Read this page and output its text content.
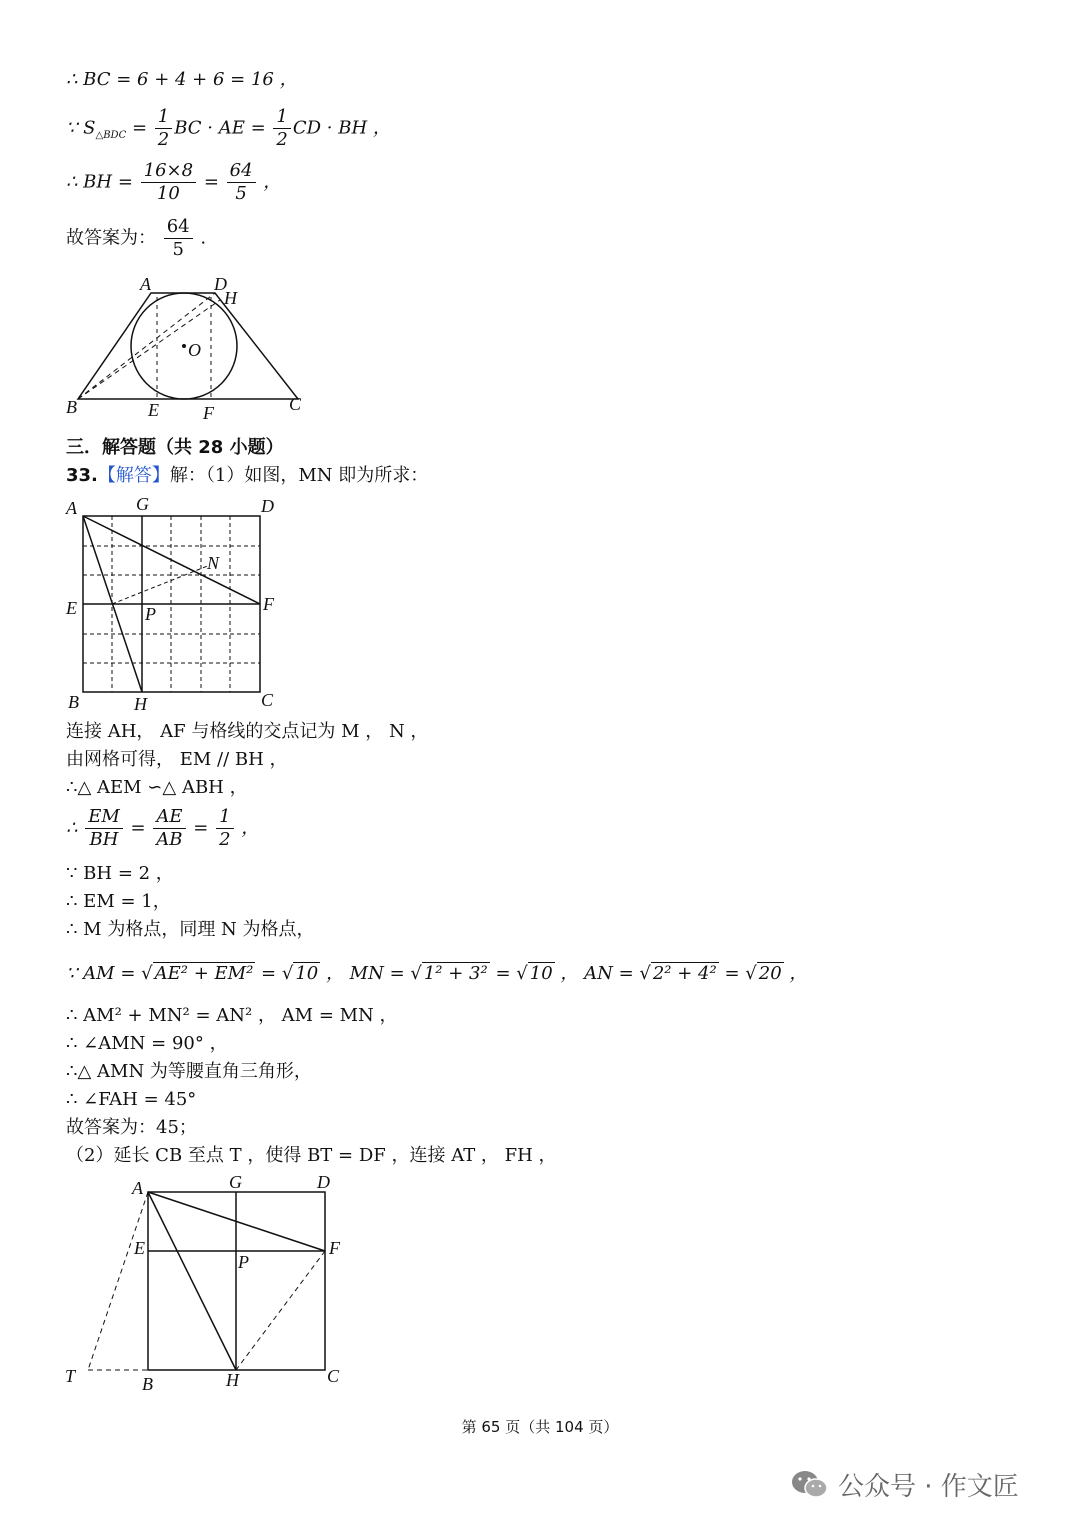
∴ BC = 6 + 4 + 6 = 16 ，
∵ $S_{\triangle BDC} = \frac{1}{2}$ BC · AE = $\frac{1}{2}$ CD · BH ，
∴ BH = $\frac{16\times 8}{10} = \frac{64}{5}$ ，
故答案为： $\frac{64}{5}$ .
A	D
H
O
B	E F	C
三．解答题（共 28 小题）
33.【解答】解：（1）如图，MN 即为所求：
A	G	D
N
E	P	F
B	H	C
连接 AH， AF 与格线的交点记为 M ， N ，
由网格可得， EM // BH ，
∴△ AEM ∽△ ABH ，
∴ $\frac{EM}{BH} = \frac{AE}{AB} = \frac{1}{2}$ ，
∵ BH = 2 ，
∴ EM = 1，
∴ M 为格点，同理 N 为格点，
∵ AM = √ AE² + EM² = √ 10 ， MN = √ 1² + 3² = √ 10 ， AN = √ 2² + 4² = √ 20 ，
∴ AM² + MN² = AN² ， AM = MN ，
∴ ∠AMN = 90° ，
∴△ AMN 为等腰直角三角形，
∴ ∠FAH = 45°
故答案为：45；
（2）延长 CB 至点 T ，使得 BT = DF ，连接 AT ， FH ，
A	G	D
E	F
P
T	B	H	C
第 65 页（共 104 页）
公众号 · 作文匠
